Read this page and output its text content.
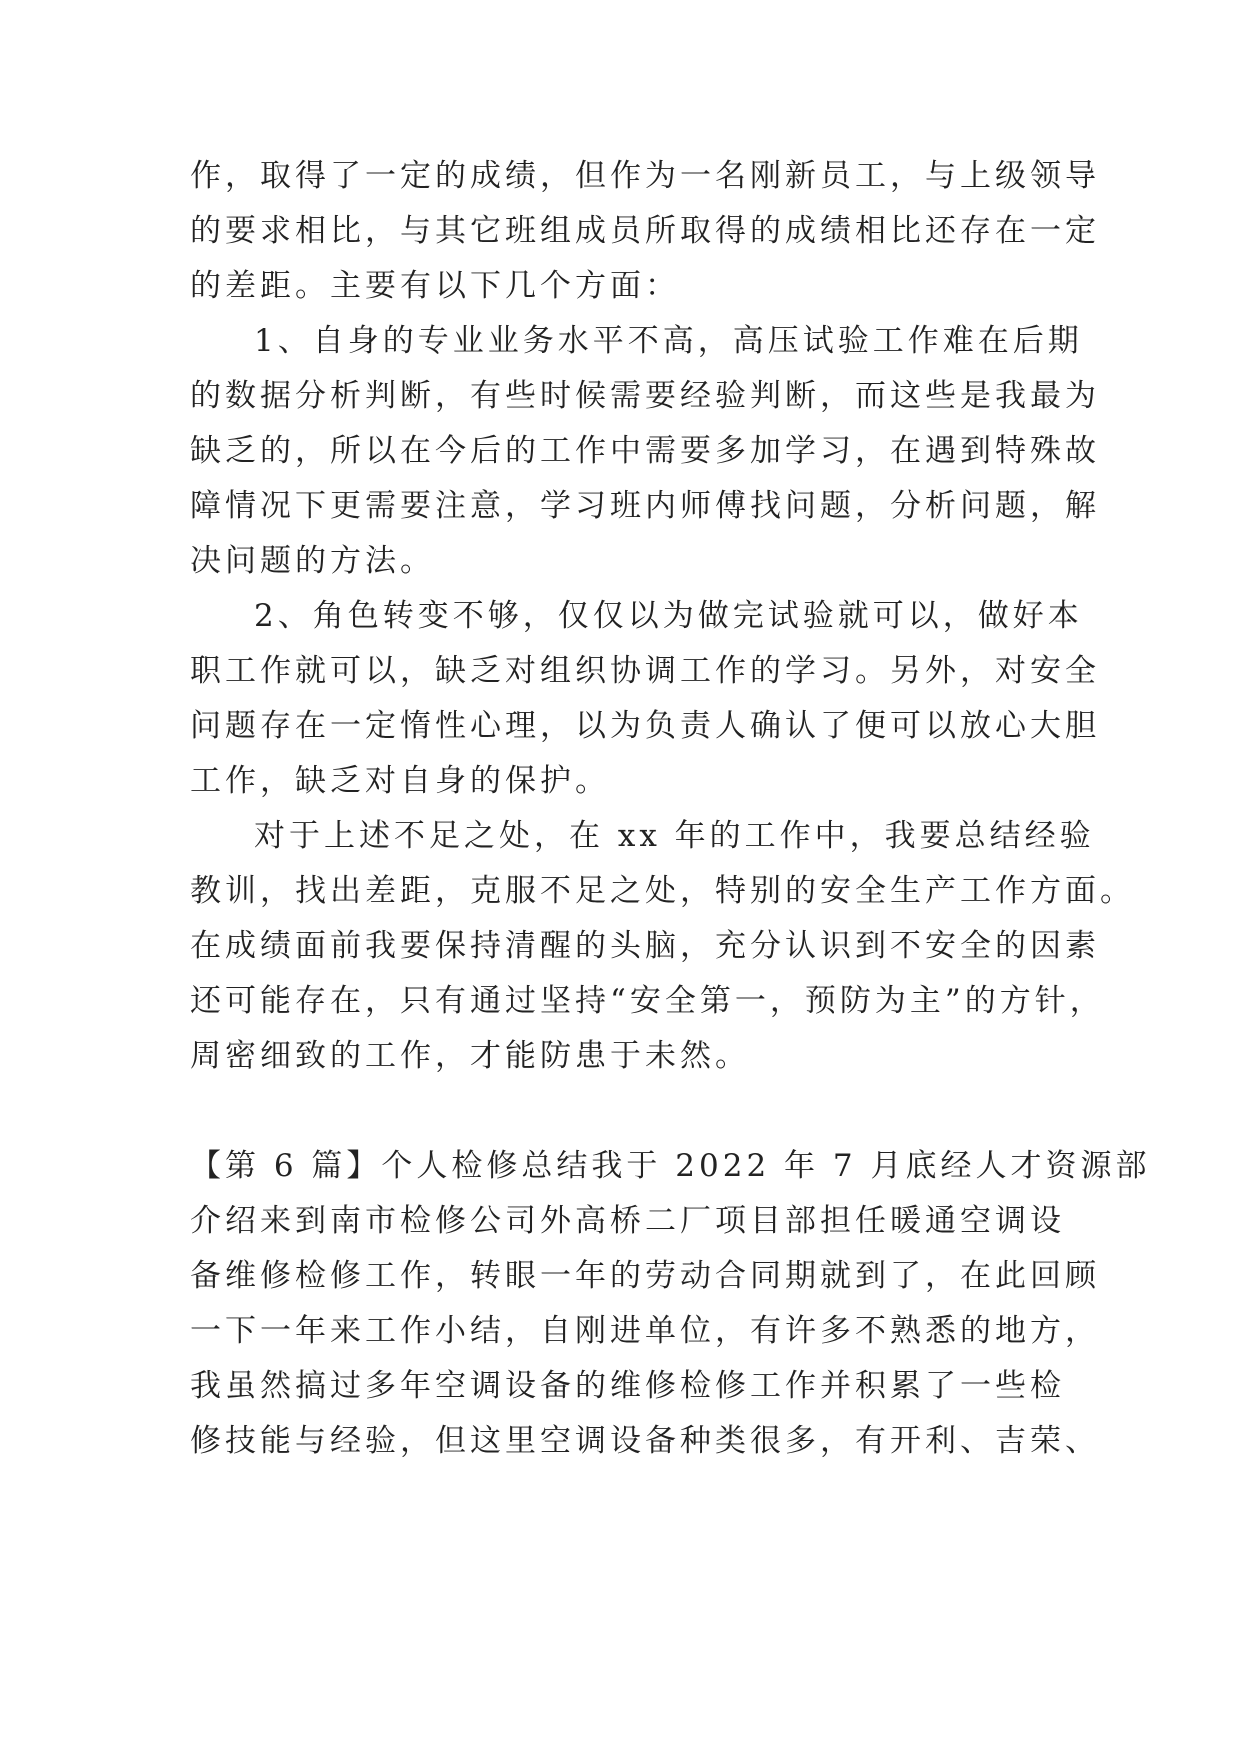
作，取得了一定的成绩，但作为一名刚新员工，与上级领导
的要求相比，与其它班组成员所取得的成绩相比还存在一定
的差距。主要有以下几个方面：
1、自身的专业业务水平不高，高压试验工作难在后期
的数据分析判断，有些时候需要经验判断，而这些是我最为
缺乏的，所以在今后的工作中需要多加学习，在遇到特殊故
障情况下更需要注意，学习班内师傅找问题，分析问题，解
决问题的方法。
2、角色转变不够，仅仅以为做完试验就可以，做好本
职工作就可以，缺乏对组织协调工作的学习。另外，对安全
问题存在一定惰性心理，以为负责人确认了便可以放心大胆
工作，缺乏对自身的保护。
对于上述不足之处，在 xx 年的工作中，我要总结经验
教训，找出差距，克服不足之处，特别的安全生产工作方面。
在成绩面前我要保持清醒的头脑，充分认识到不安全的因素
还可能存在，只有通过坚持“安全第一，预防为主”的方针，
周密细致的工作，才能防患于未然。
【第 6 篇】个人检修总结我于 2022 年 7 月底经人才资源部
介绍来到南市检修公司外高桥二厂项目部担任暖通空调设
备维修检修工作，转眼一年的劳动合同期就到了，在此回顾
一下一年来工作小结，自刚进单位，有许多不熟悉的地方，
我虽然搞过多年空调设备的维修检修工作并积累了一些检
修技能与经验，但这里空调设备种类很多，有开利、吉荣、
